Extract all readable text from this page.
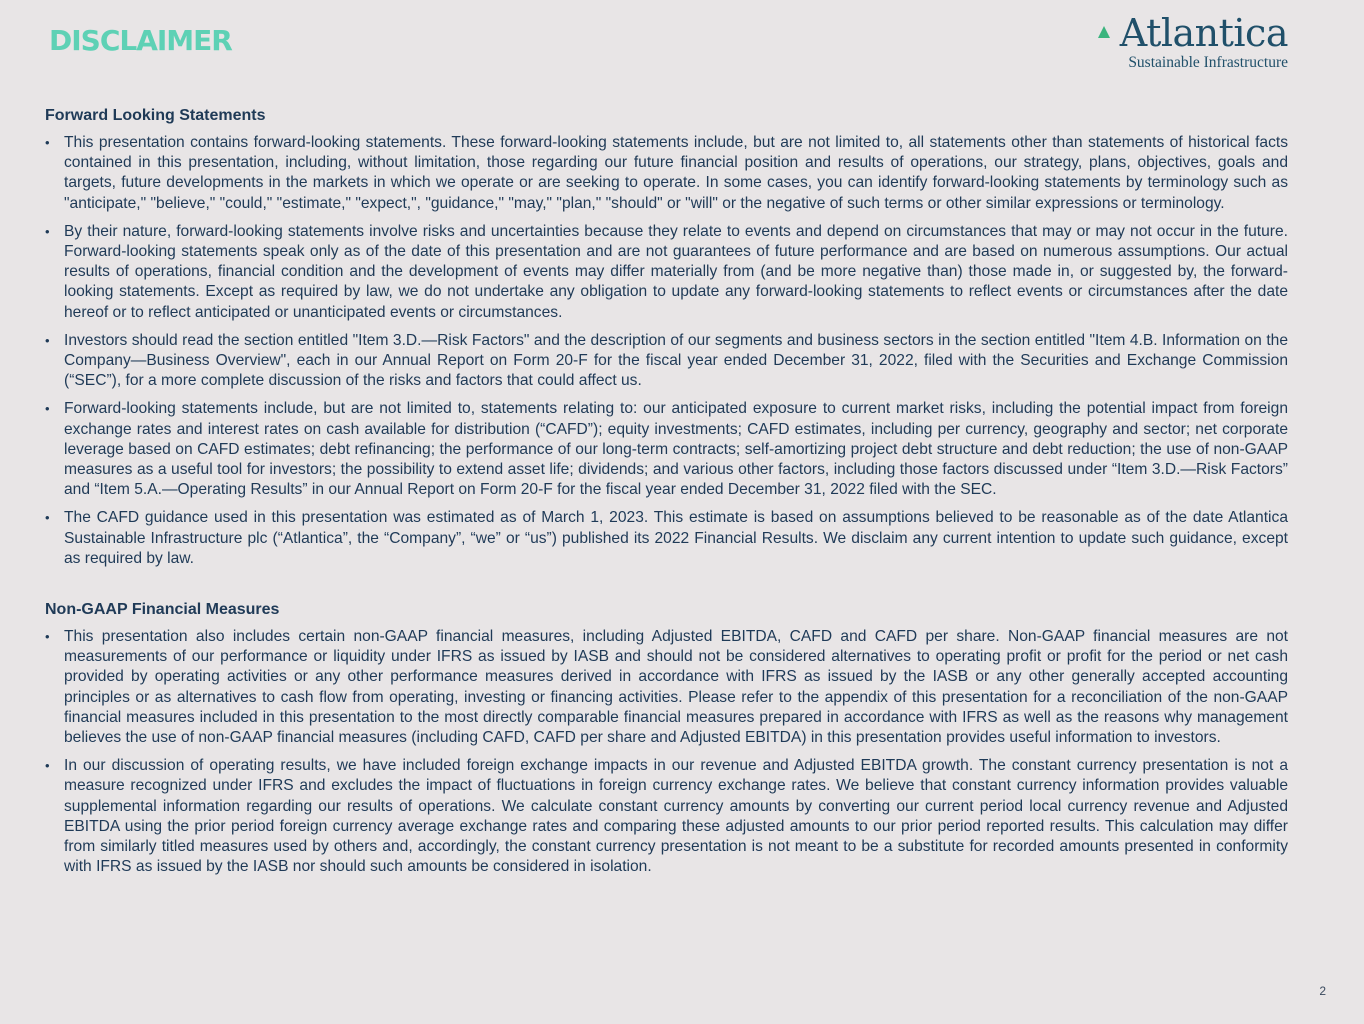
DISCLAIMER	Atlantica
Sustainable Infrastructure
Forward Looking Statements
• This presentation contains forward-looking statements. These forward-looking statements include, but are not limited to, all statements other than statements of historical facts contained in this presentation, including, without limitation, those regarding our future financial position and results of operations, our strategy, plans, objectives, goals and targets, future developments in the markets in which we operate or are seeking to operate. In some cases, you can identify forward-looking statements by terminology such as "anticipate," "believe," "could," "estimate," "expect,", "guidance," "may," "plan," "should" or "will" or the negative of such terms or other similar expressions or terminology.
• By their nature, forward-looking statements involve risks and uncertainties because they relate to events and depend on circumstances that may or may not occur in the future. Forward-looking statements speak only as of the date of this presentation and are not guarantees of future performance and are based on numerous assumptions. Our actual results of operations, financial condition and the development of events may differ materially from (and be more negative than) those made in, or suggested by, the forward-looking statements. Except as required by law, we do not undertake any obligation to update any forward-looking statements to reflect events or circumstances after the date hereof or to reflect anticipated or unanticipated events or circumstances.
• Investors should read the section entitled "Item 3.D.—Risk Factors" and the description of our segments and business sectors in the section entitled "Item 4.B. Information on the Company—Business Overview", each in our Annual Report on Form 20-F for the fiscal year ended December 31, 2022, filed with the Securities and Exchange Commission (“SEC”), for a more complete discussion of the risks and factors that could affect us.
• Forward-looking statements include, but are not limited to, statements relating to: our anticipated exposure to current market risks, including the potential impact from foreign exchange rates and interest rates on cash available for distribution (“CAFD”); equity investments; CAFD estimates, including per currency, geography and sector; net corporate leverage based on CAFD estimates; debt refinancing; the performance of our long-term contracts; self-amortizing project debt structure and debt reduction; the use of non-GAAP measures as a useful tool for investors; the possibility to extend asset life; dividends; and various other factors, including those factors discussed under “Item 3.D.—Risk Factors” and “Item 5.A.—Operating Results” in our Annual Report on Form 20-F for the fiscal year ended December 31, 2022 filed with the SEC.
• The CAFD guidance used in this presentation was estimated as of March 1, 2023. This estimate is based on assumptions believed to be reasonable as of the date Atlantica Sustainable Infrastructure plc (“Atlantica”, the “Company”, “we” or “us”) published its 2022 Financial Results. We disclaim any current intention to update such guidance, except as required by law.
Non-GAAP Financial Measures
• This presentation also includes certain non-GAAP financial measures, including Adjusted EBITDA, CAFD and CAFD per share. Non-GAAP financial measures are not measurements of our performance or liquidity under IFRS as issued by IASB and should not be considered alternatives to operating profit or profit for the period or net cash provided by operating activities or any other performance measures derived in accordance with IFRS as issued by the IASB or any other generally accepted accounting principles or as alternatives to cash flow from operating, investing or financing activities. Please refer to the appendix of this presentation for a reconciliation of the non-GAAP financial measures included in this presentation to the most directly comparable financial measures prepared in accordance with IFRS as well as the reasons why management believes the use of non-GAAP financial measures (including CAFD, CAFD per share and Adjusted EBITDA) in this presentation provides useful information to investors.
• In our discussion of operating results, we have included foreign exchange impacts in our revenue and Adjusted EBITDA growth. The constant currency presentation is not a measure recognized under IFRS and excludes the impact of fluctuations in foreign currency exchange rates. We believe that constant currency information provides valuable supplemental information regarding our results of operations. We calculate constant currency amounts by converting our current period local currency revenue and Adjusted EBITDA using the prior period foreign currency average exchange rates and comparing these adjusted amounts to our prior period reported results. This calculation may differ from similarly titled measures used by others and, accordingly, the constant currency presentation is not meant to be a substitute for recorded amounts presented in conformity with IFRS as issued by the IASB nor should such amounts be considered in isolation.
2
